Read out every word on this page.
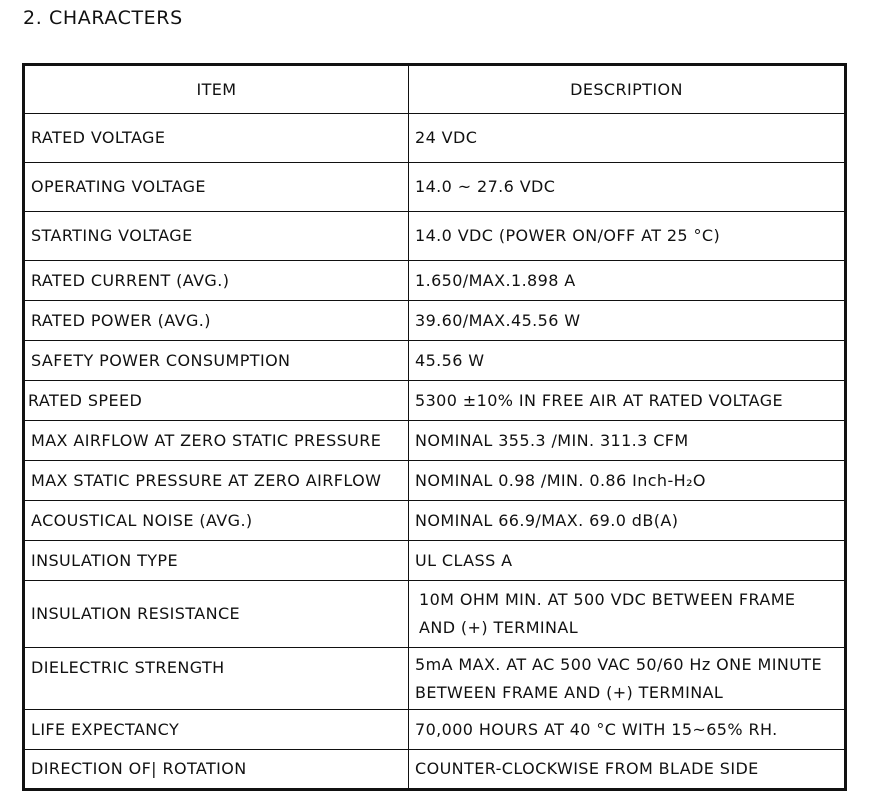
2. CHARACTERS
ITEM	DESCRIPTION
RATED VOLTAGE	24 VDC
OPERATING VOLTAGE	14.0 ~ 27.6 VDC
STARTING VOLTAGE	14.0 VDC (POWER ON/OFF AT 25 °C)
RATED CURRENT (AVG.)	1.650/MAX.1.898 A
RATED POWER (AVG.)	39.60/MAX.45.56 W
SAFETY POWER CONSUMPTION	45.56 W
RATED SPEED	5300 ±10% IN FREE AIR AT RATED VOLTAGE
MAX AIRFLOW AT ZERO STATIC PRESSURE	NOMINAL 355.3 /MIN. 311.3 CFM
MAX STATIC PRESSURE AT ZERO AIRFLOW	NOMINAL 0.98 /MIN. 0.86 Inch-H₂O
ACOUSTICAL NOISE (AVG.)	NOMINAL 66.9/MAX. 69.0 dB(A)
INSULATION TYPE	UL CLASS A
INSULATION RESISTANCE	10M OHM MIN. AT 500 VDC BETWEEN FRAME AND (+) TERMINAL
DIELECTRIC STRENGTH	5mA MAX. AT AC 500 VAC 50/60 Hz ONE MINUTE BETWEEN FRAME AND (+) TERMINAL
LIFE EXPECTANCY	70,000 HOURS AT 40 °C WITH 15~65% RH.
DIRECTION OF| ROTATION	COUNTER-CLOCKWISE FROM BLADE SIDE
